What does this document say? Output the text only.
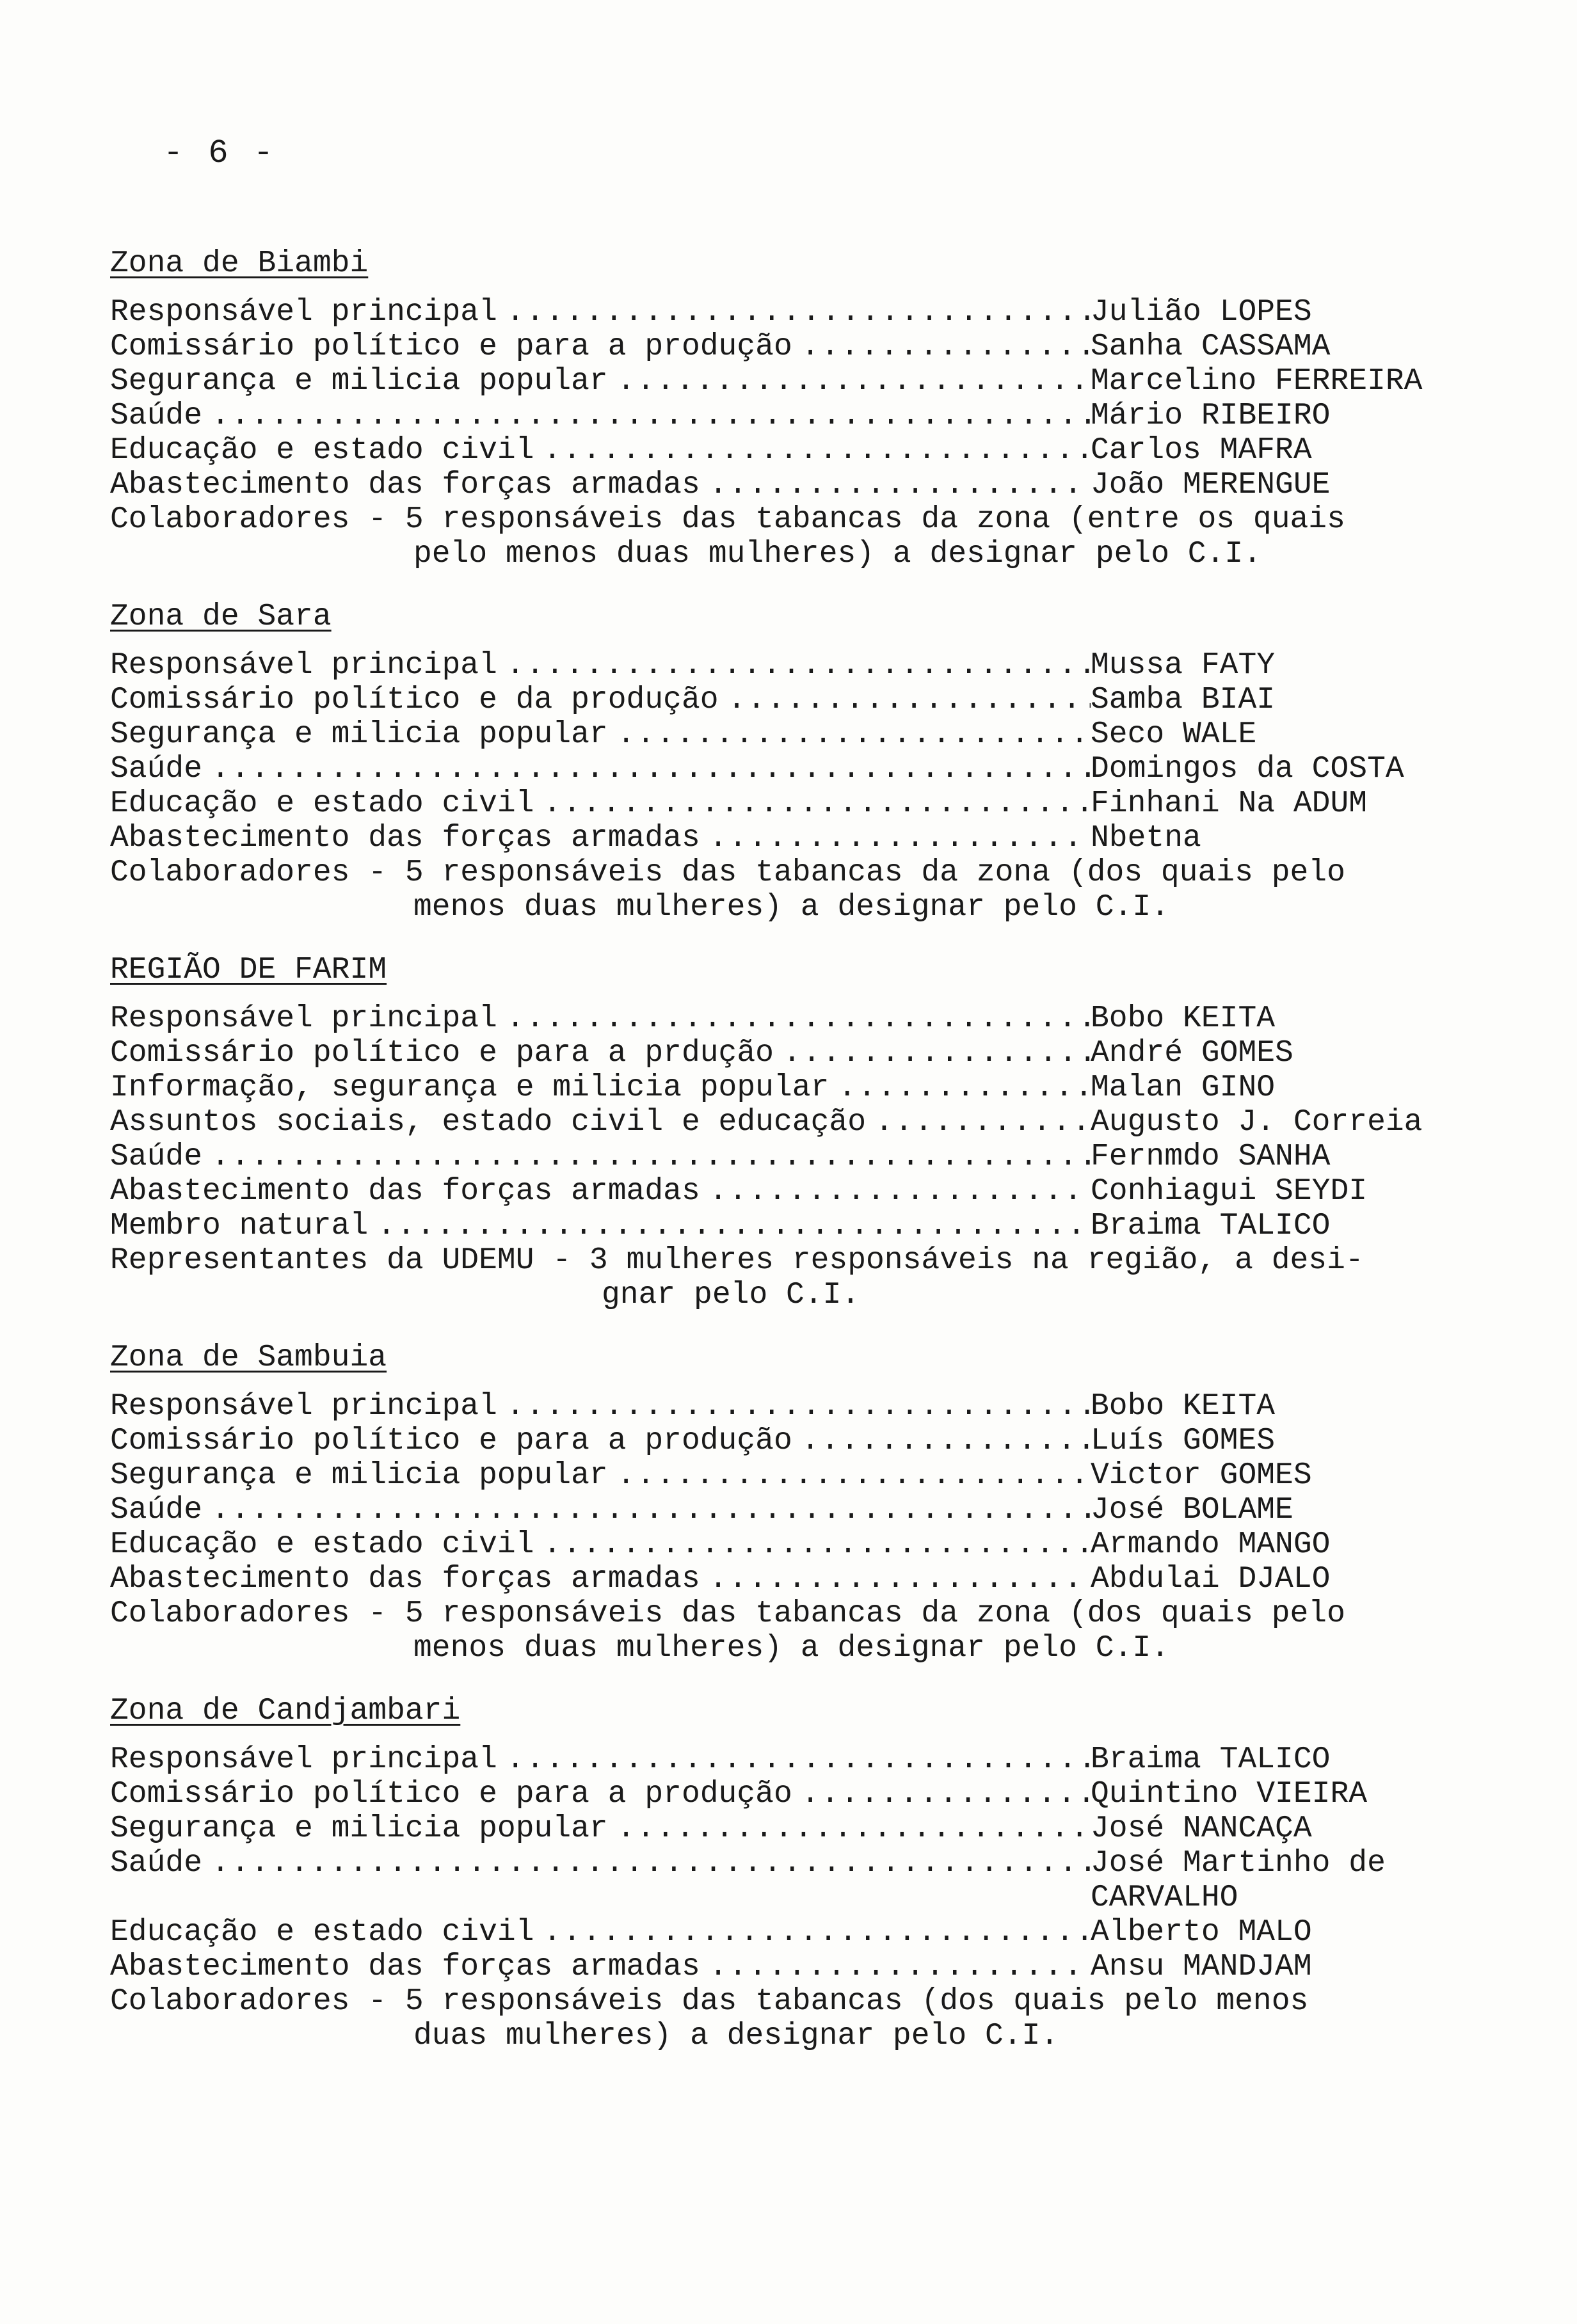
- 6 -
Zona de Biambi
Responsável principal .....	Julião LOPES
Comissário político e para a produção .....	Sanha CASSAMA
Segurança e milicia popular .....	Marcelino FERREIRA
Saúde .....	Mário RIBEIRO
Educação e estado civil .....	Carlos MAFRA
Abastecimento das forças armadas .....	João MERENGUE
Colaboradores - 5 responsáveis das tabancas da zona (entre os quais
pelo menos duas mulheres) a designar pelo C.I.
Zona de Sara
Responsável principal .....	Mussa FATY
Comissário político e da produção .....	Samba BIAI
Segurança e milicia popular .....	Seco WALE
Saúde .....	Domingos da COSTA
Educação e estado civil .....	Finhani Na ADUM
Abastecimento das forças armadas .....	Nbetna
Colaboradores - 5 responsáveis das tabancas da zona (dos quais pelo
menos duas mulheres) a designar pelo C.I.
REGIÃO DE FARIM
Responsável principal .....	Bobo KEITA
Comissário político e para a prdução .....	André GOMES
Informação, segurança e milicia popular .....	Malan GINO
Assuntos sociais, estado civil e educação .....	Augusto J. Correia
Saúde .....	Fernmdo SANHA
Abastecimento das forças armadas .....	Conhiagui SEYDI
Membro natural .....	Braima TALICO
Representantes da UDEMU - 3 mulheres responsáveis na região, a desi-
gnar pelo C.I.
Zona de Sambuia
Responsável principal .....	Bobo KEITA
Comissário político e para a produção .....	Luís GOMES
Segurança e milicia popular .....	Victor GOMES
Saúde .....	José BOLAME
Educação e estado civil .....	Armando MANGO
Abastecimento das forças armadas .....	Abdulai DJALO
Colaboradores - 5 responsáveis das tabancas da zona (dos quais pelo
menos duas mulheres) a designar pelo C.I.
Zona de Candjambari
Responsável principal .....	Braima TALICO
Comissário político e para a produção .....	Quintino VIEIRA
Segurança e milicia popular .....	José NANCAÇA
Saúde .....	José Martinho de CARVALHO
Educação e estado civil .....	Alberto MALO
Abastecimento das forças armadas .....	Ansu MANDJAM
Colaboradores - 5 responsáveis das tabancas (dos quais pelo menos
duas mulheres) a designar pelo C.I.
